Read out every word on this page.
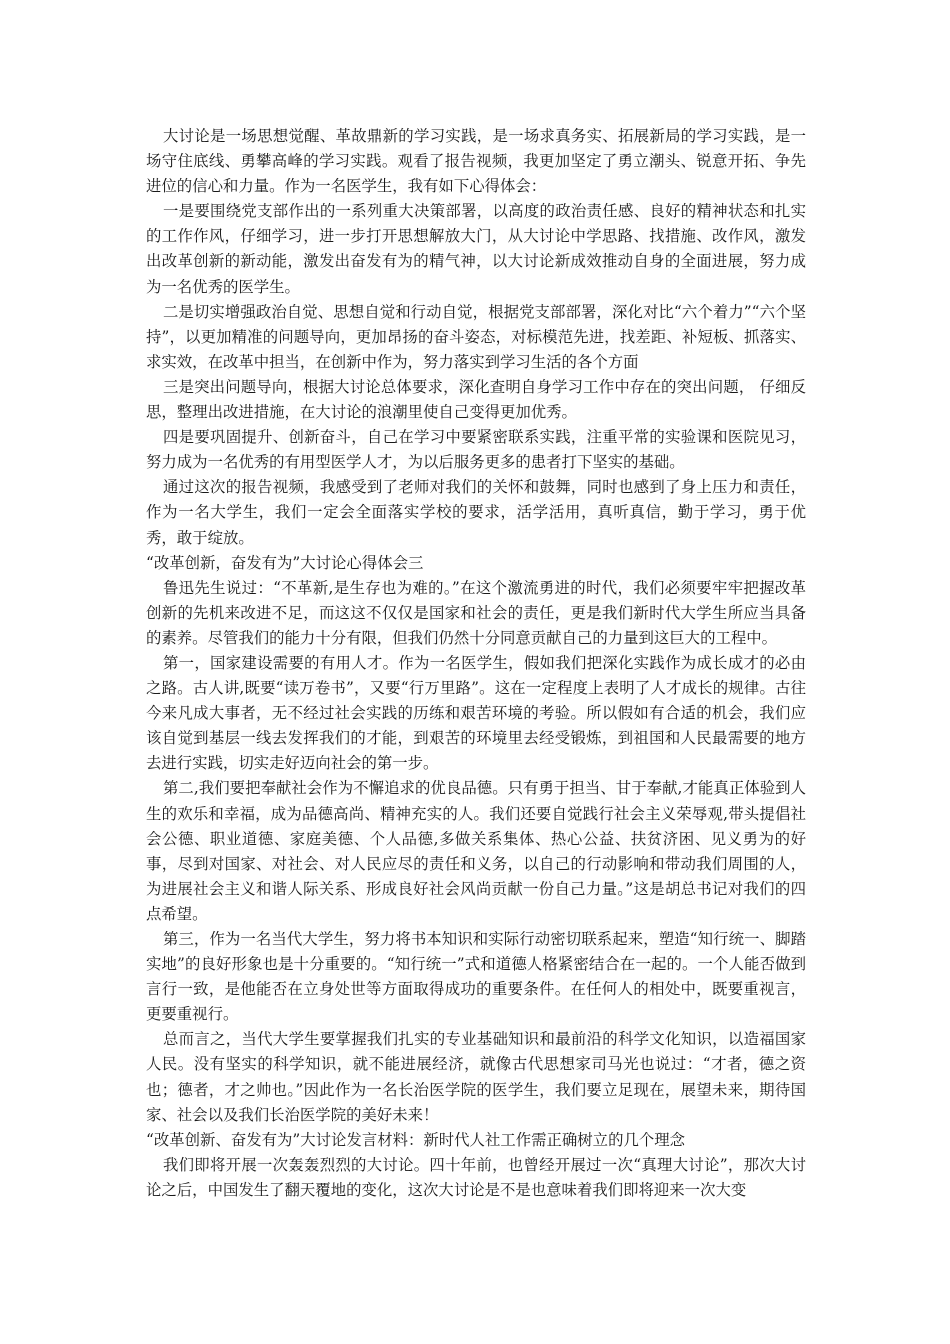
大讨论是一场思想觉醒、革故鼎新的学习实践，是一场求真务实、拓展新局的学习实践，是一场守住底线、勇攀高峰的学习实践。观看了报告视频，我更加坚定了勇立潮头、锐意开拓、争先进位的信心和力量。作为一名医学生，我有如下心得体会：

一是要围绕党支部作出的一系列重大决策部署，以高度的政治责任感、良好的精神状态和扎实的工作作风，仔细学习，进一步打开思想解放大门，从大讨论中学思路、找措施、改作风，激发出改革创新的新动能，激发出奋发有为的精气神，以大讨论新成效推动自身的全面进展，努力成为一名优秀的医学生。

二是切实增强政治自觉、思想自觉和行动自觉，根据党支部部署，深化对比“六个着力”“六个坚持”，以更加精准的问题导向，更加昂扬的奋斗姿态，对标模范先进，找差距、补短板、抓落实、求实效，在改革中担当，在创新中作为，努力落实到学习生活的各个方面

三是突出问题导向，根据大讨论总体要求，深化查明自身学习工作中存在的突出问题， 仔细反思，整理出改进措施，在大讨论的浪潮里使自己变得更加优秀。

四是要巩固提升、创新奋斗，自己在学习中要紧密联系实践，注重平常的实验课和医院见习，努力成为一名优秀的有用型医学人才，为以后服务更多的患者打下坚实的基础。

通过这次的报告视频，我感受到了老师对我们的关怀和鼓舞，同时也感到了身上压力和责任，作为一名大学生，我们一定会全面落实学校的要求，活学活用，真听真信，勤于学习，勇于优秀，敢于绽放。

“改革创新，奋发有为”大讨论心得体会三

鲁迅先生说过：“不革新,是生存也为难的。”在这个激流勇进的时代，我们必须要牢牢把握改革创新的先机来改进不足，而这这不仅仅是国家和社会的责任，更是我们新时代大学生所应当具备的素养。尽管我们的能力十分有限，但我们仍然十分同意贡献自己的力量到这巨大的工程中。

第一，国家建设需要的有用人才。作为一名医学生，假如我们把深化实践作为成长成才的必由之路。古人讲,既要“读万卷书”，又要“行万里路”。这在一定程度上表明了人才成长的规律。古往今来凡成大事者，无不经过社会实践的历练和艰苦环境的考验。所以假如有合适的机会，我们应该自觉到基层一线去发挥我们的才能，到艰苦的环境里去经受锻炼，到祖国和人民最需要的地方去进行实践，切实走好迈向社会的第一步。

第二,我们要把奉献社会作为不懈追求的优良品德。只有勇于担当、甘于奉献,才能真正体验到人生的欢乐和幸福，成为品德高尚、精神充实的人。我们还要自觉践行社会主义荣辱观,带头提倡社会公德、职业道德、家庭美德、个人品德,多做关系集体、热心公益、扶贫济困、见义勇为的好事，尽到对国家、对社会、对人民应尽的责任和义务，以自己的行动影响和带动我们周围的人，为进展社会主义和谐人际关系、形成良好社会风尚贡献一份自己力量。”这是胡总书记对我们的四点希望。

第三，作为一名当代大学生，努力将书本知识和实际行动密切联系起来，塑造“知行统一、脚踏实地”的良好形象也是十分重要的。“知行统一”式和道德人格紧密结合在一起的。一个人能否做到言行一致，是他能否在立身处世等方面取得成功的重要条件。在任何人的相处中，既要重视言，更要重视行。

总而言之，当代大学生要掌握我们扎实的专业基础知识和最前沿的科学文化知识，以造福国家人民。没有坚实的科学知识，就不能进展经济，就像古代思想家司马光也说过：“才者，德之资也；德者，才之帅也。”因此作为一名长治医学院的医学生，我们要立足现在，展望未来，期待国家、社会以及我们长治医学院的美好未来！

“改革创新、奋发有为”大讨论发言材料：新时代人社工作需正确树立的几个理念

我们即将开展一次轰轰烈烈的大讨论。四十年前，也曾经开展过一次“真理大讨论”，那次大讨论之后，中国发生了翻天覆地的变化，这次大讨论是不是也意味着我们即将迎来一次大变
